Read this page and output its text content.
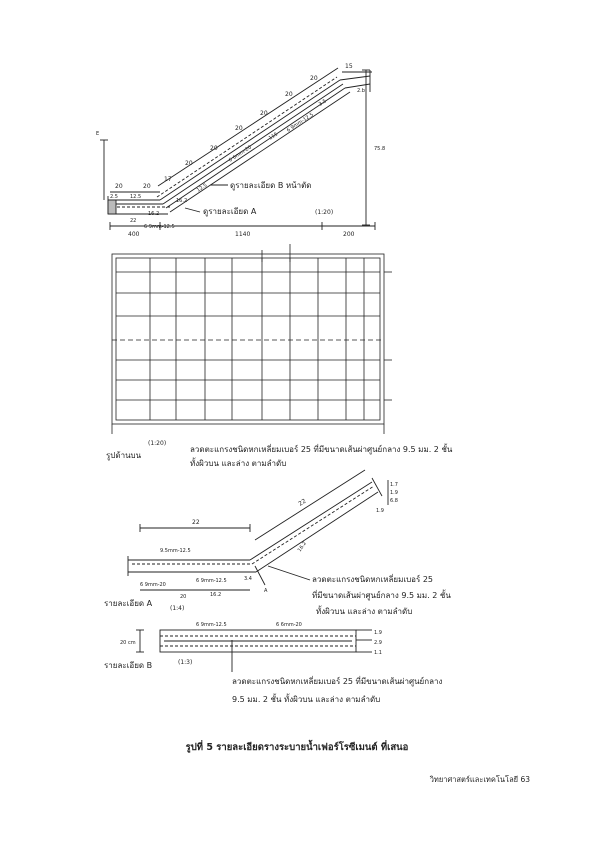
20	20
17
20
20
20
20
20
20
15
12.5
6 9mm-12.5
6 6mm-20
115
3.5
2.5 12.5
22
16.2
6 9mm-12.5
16.2
75.8
2.b
E
ดูรายละเอียด B หน้าตัด
ดูรายละเอียด A	(1:20)
400	1140	200
(1:20)
รูปด้านบน
ลวดตะแกรงชนิดหกเหลี่ยมเบอร์ 25 ที่มีขนาดเส้นผ่าศูนย์กลาง 9.5 มม. 2 ชั้น
ทั้งผิวบน และล่าง ตามลำดับ
22
22
9.5mm-12.5
6 9mm-12.5
6 9mm-20
20	16.2
3.4
16.2
1.7
1.9
6.8
1.9
A
รายละเอียด A
(1:4)
ลวดตะแกรงชนิดหกเหลี่ยมเบอร์ 25
ที่มีขนาดเส้นผ่าศูนย์กลาง 9.5 มม. 2 ชั้น
ทั้งผิวบน และล่าง ตามลำดับ
20 cm
6 9mm-12.5	6 6mm-20
1.9
2.9
1.1
รายละเอียด B	(1:3)
ลวดตะแกรงชนิดหกเหลี่ยมเบอร์ 25 ที่มีขนาดเส้นผ่าศูนย์กลาง
9.5 มม. 2 ชั้น ทั้งผิวบน และล่าง ตามลำดับ
รูปที่ 5 รายละเอียดรางระบายน้ำเฟอร์โรซีเมนต์ ที่เสนอ
วิทยาศาสตร์และเทคโนโลยี 63
